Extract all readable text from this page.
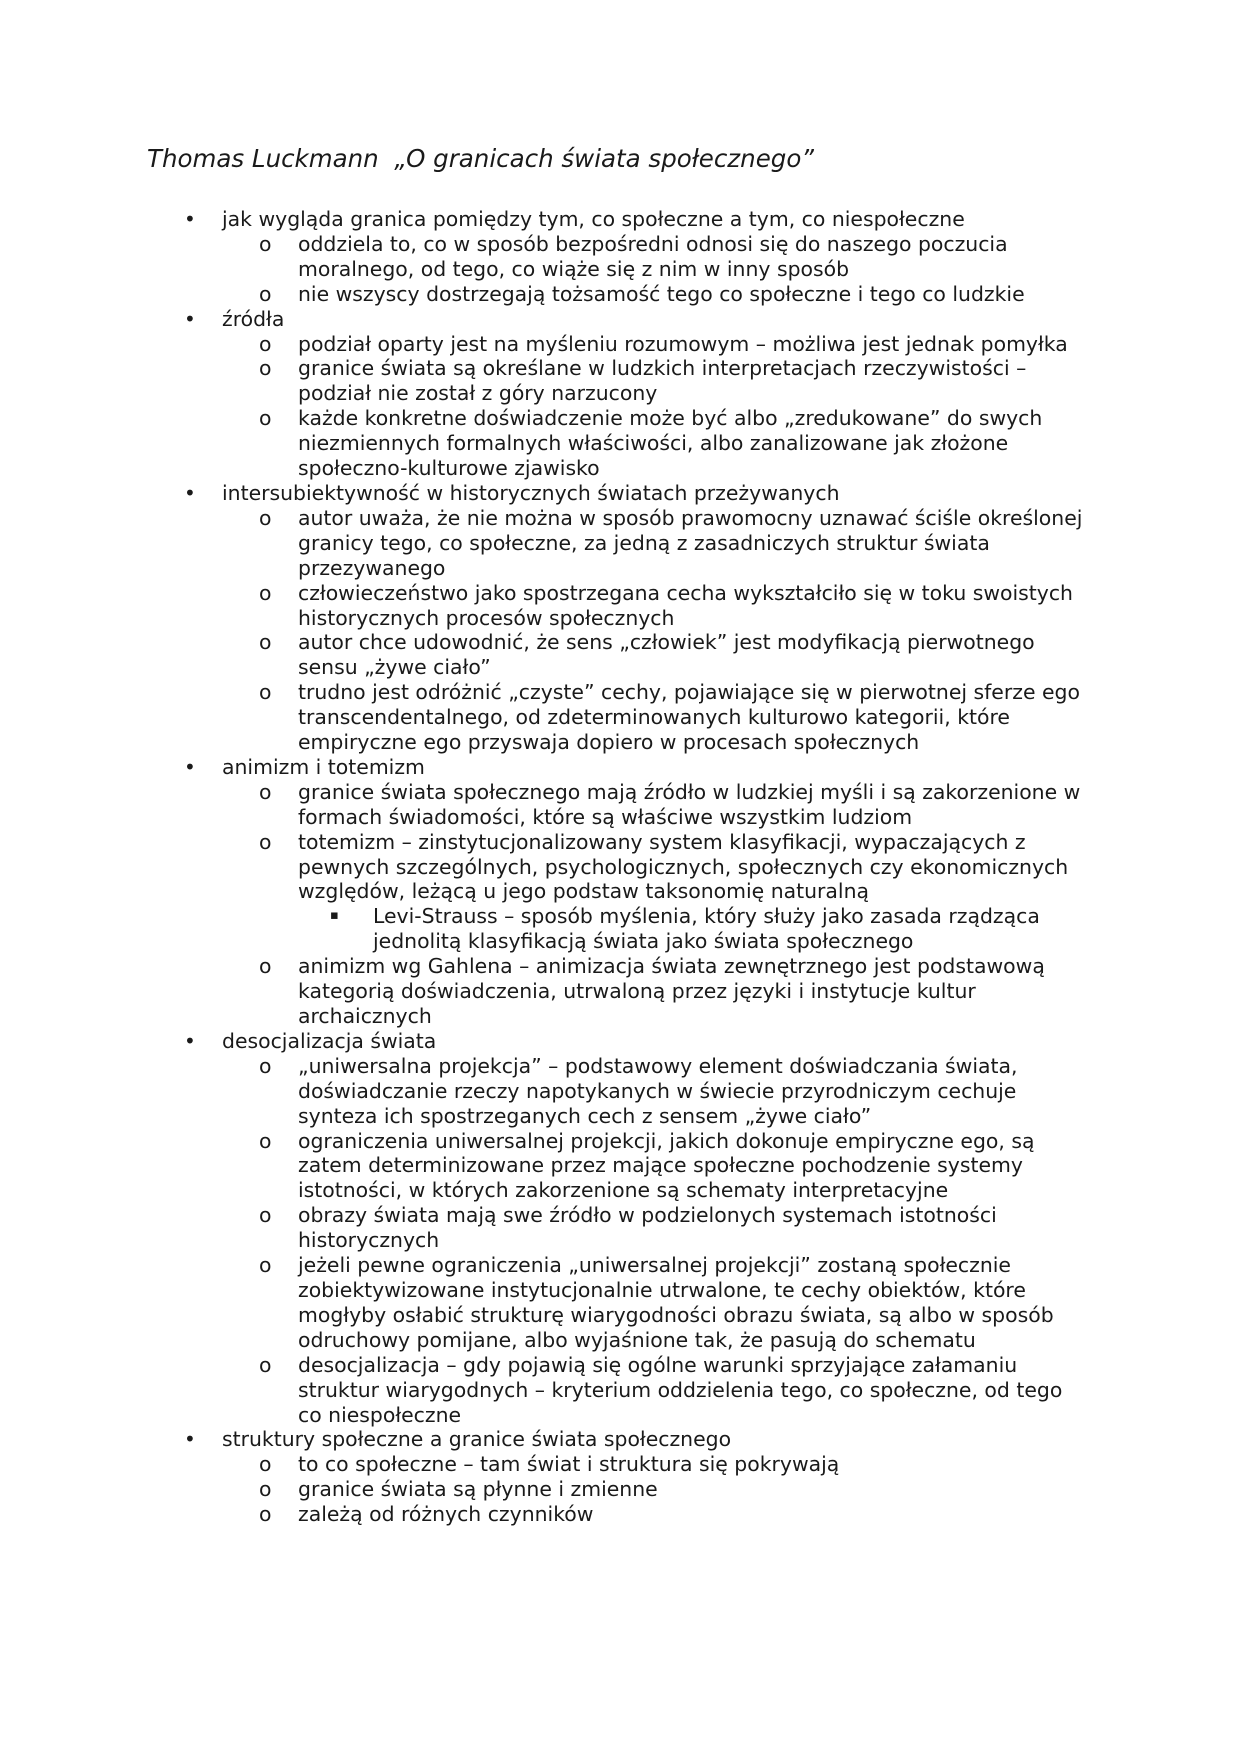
Thomas Luckmann  „O granicach świata społecznego”
• jak wygląda granica pomiędzy tym, co społeczne a tym, co niespołeczne
o oddziela to, co w sposób bezpośredni odnosi się do naszego poczucia moralnego, od tego, co wiąże się z nim w inny sposób
o nie wszyscy dostrzegają tożsamość tego co społeczne i tego co ludzkie
• źródła
o podział oparty jest na myśleniu rozumowym – możliwa jest jednak pomyłka
o granice świata są określane w ludzkich interpretacjach rzeczywistości – podział nie został z góry narzucony
o każde konkretne doświadczenie może być albo „zredukowane” do swych niezmiennych formalnych właściwości, albo zanalizowane jak złożone społeczno-kulturowe zjawisko
• intersubiektywność w historycznych światach przeżywanych
o autor uważa, że nie można w sposób prawomocny uznawać ściśle określonej granicy tego, co społeczne, za jedną z zasadniczych struktur świata przezywanego
o człowieczeństwo jako spostrzegana cecha wykształciło się w toku swoistych historycznych procesów społecznych
o autor chce udowodnić, że sens „człowiek” jest modyfikacją pierwotnego sensu „żywe ciało”
o trudno jest odróżnić „czyste” cechy, pojawiające się w pierwotnej sferze ego transcendentalnego, od zdeterminowanych kulturowo kategorii, które empiryczne ego przyswaja dopiero w procesach społecznych
• animizm i totemizm
o granice świata społecznego mają źródło w ludzkiej myśli i są zakorzenione w formach świadomości, które są właściwe wszystkim ludziom
o totemizm – zinstytucjonalizowany system klasyfikacji, wypaczających z pewnych szczególnych, psychologicznych, społecznych czy ekonomicznych względów, leżącą u jego podstaw taksonomię naturalną
▪ Levi-Strauss – sposób myślenia, który służy jako zasada rządząca jednolitą klasyfikacją świata jako świata społecznego
o animizm wg Gahlena – animizacja świata zewnętrznego jest podstawową kategorią doświadczenia, utrwaloną przez języki i instytucje kultur archaicznych
• desocjalizacja świata
o „uniwersalna projekcja” – podstawowy element doświadczania świata, doświadczanie rzeczy napotykanych w świecie przyrodniczym cechuje synteza ich spostrzeganych cech z sensem „żywe ciało”
o ograniczenia uniwersalnej projekcji, jakich dokonuje empiryczne ego, są zatem determinizowane przez mające społeczne pochodzenie systemy istotności, w których zakorzenione są schematy interpretacyjne
o obrazy świata mają swe źródło w podzielonych systemach istotności historycznych
o jeżeli pewne ograniczenia „uniwersalnej projekcji” zostaną społecznie zobiektywizowane instytucjonalnie utrwalone, te cechy obiektów, które mogłyby osłabić strukturę wiarygodności obrazu świata, są albo w sposób odruchowy pomijane, albo wyjaśnione tak, że pasują do schematu
o desocjalizacja – gdy pojawią się ogólne warunki sprzyjające załamaniu struktur wiarygodnych – kryterium oddzielenia tego, co społeczne, od tego co niespołeczne
• struktury społeczne a granice świata społecznego
o to co społeczne – tam świat i struktura się pokrywają
o granice świata są płynne i zmienne
o zależą od różnych czynników
